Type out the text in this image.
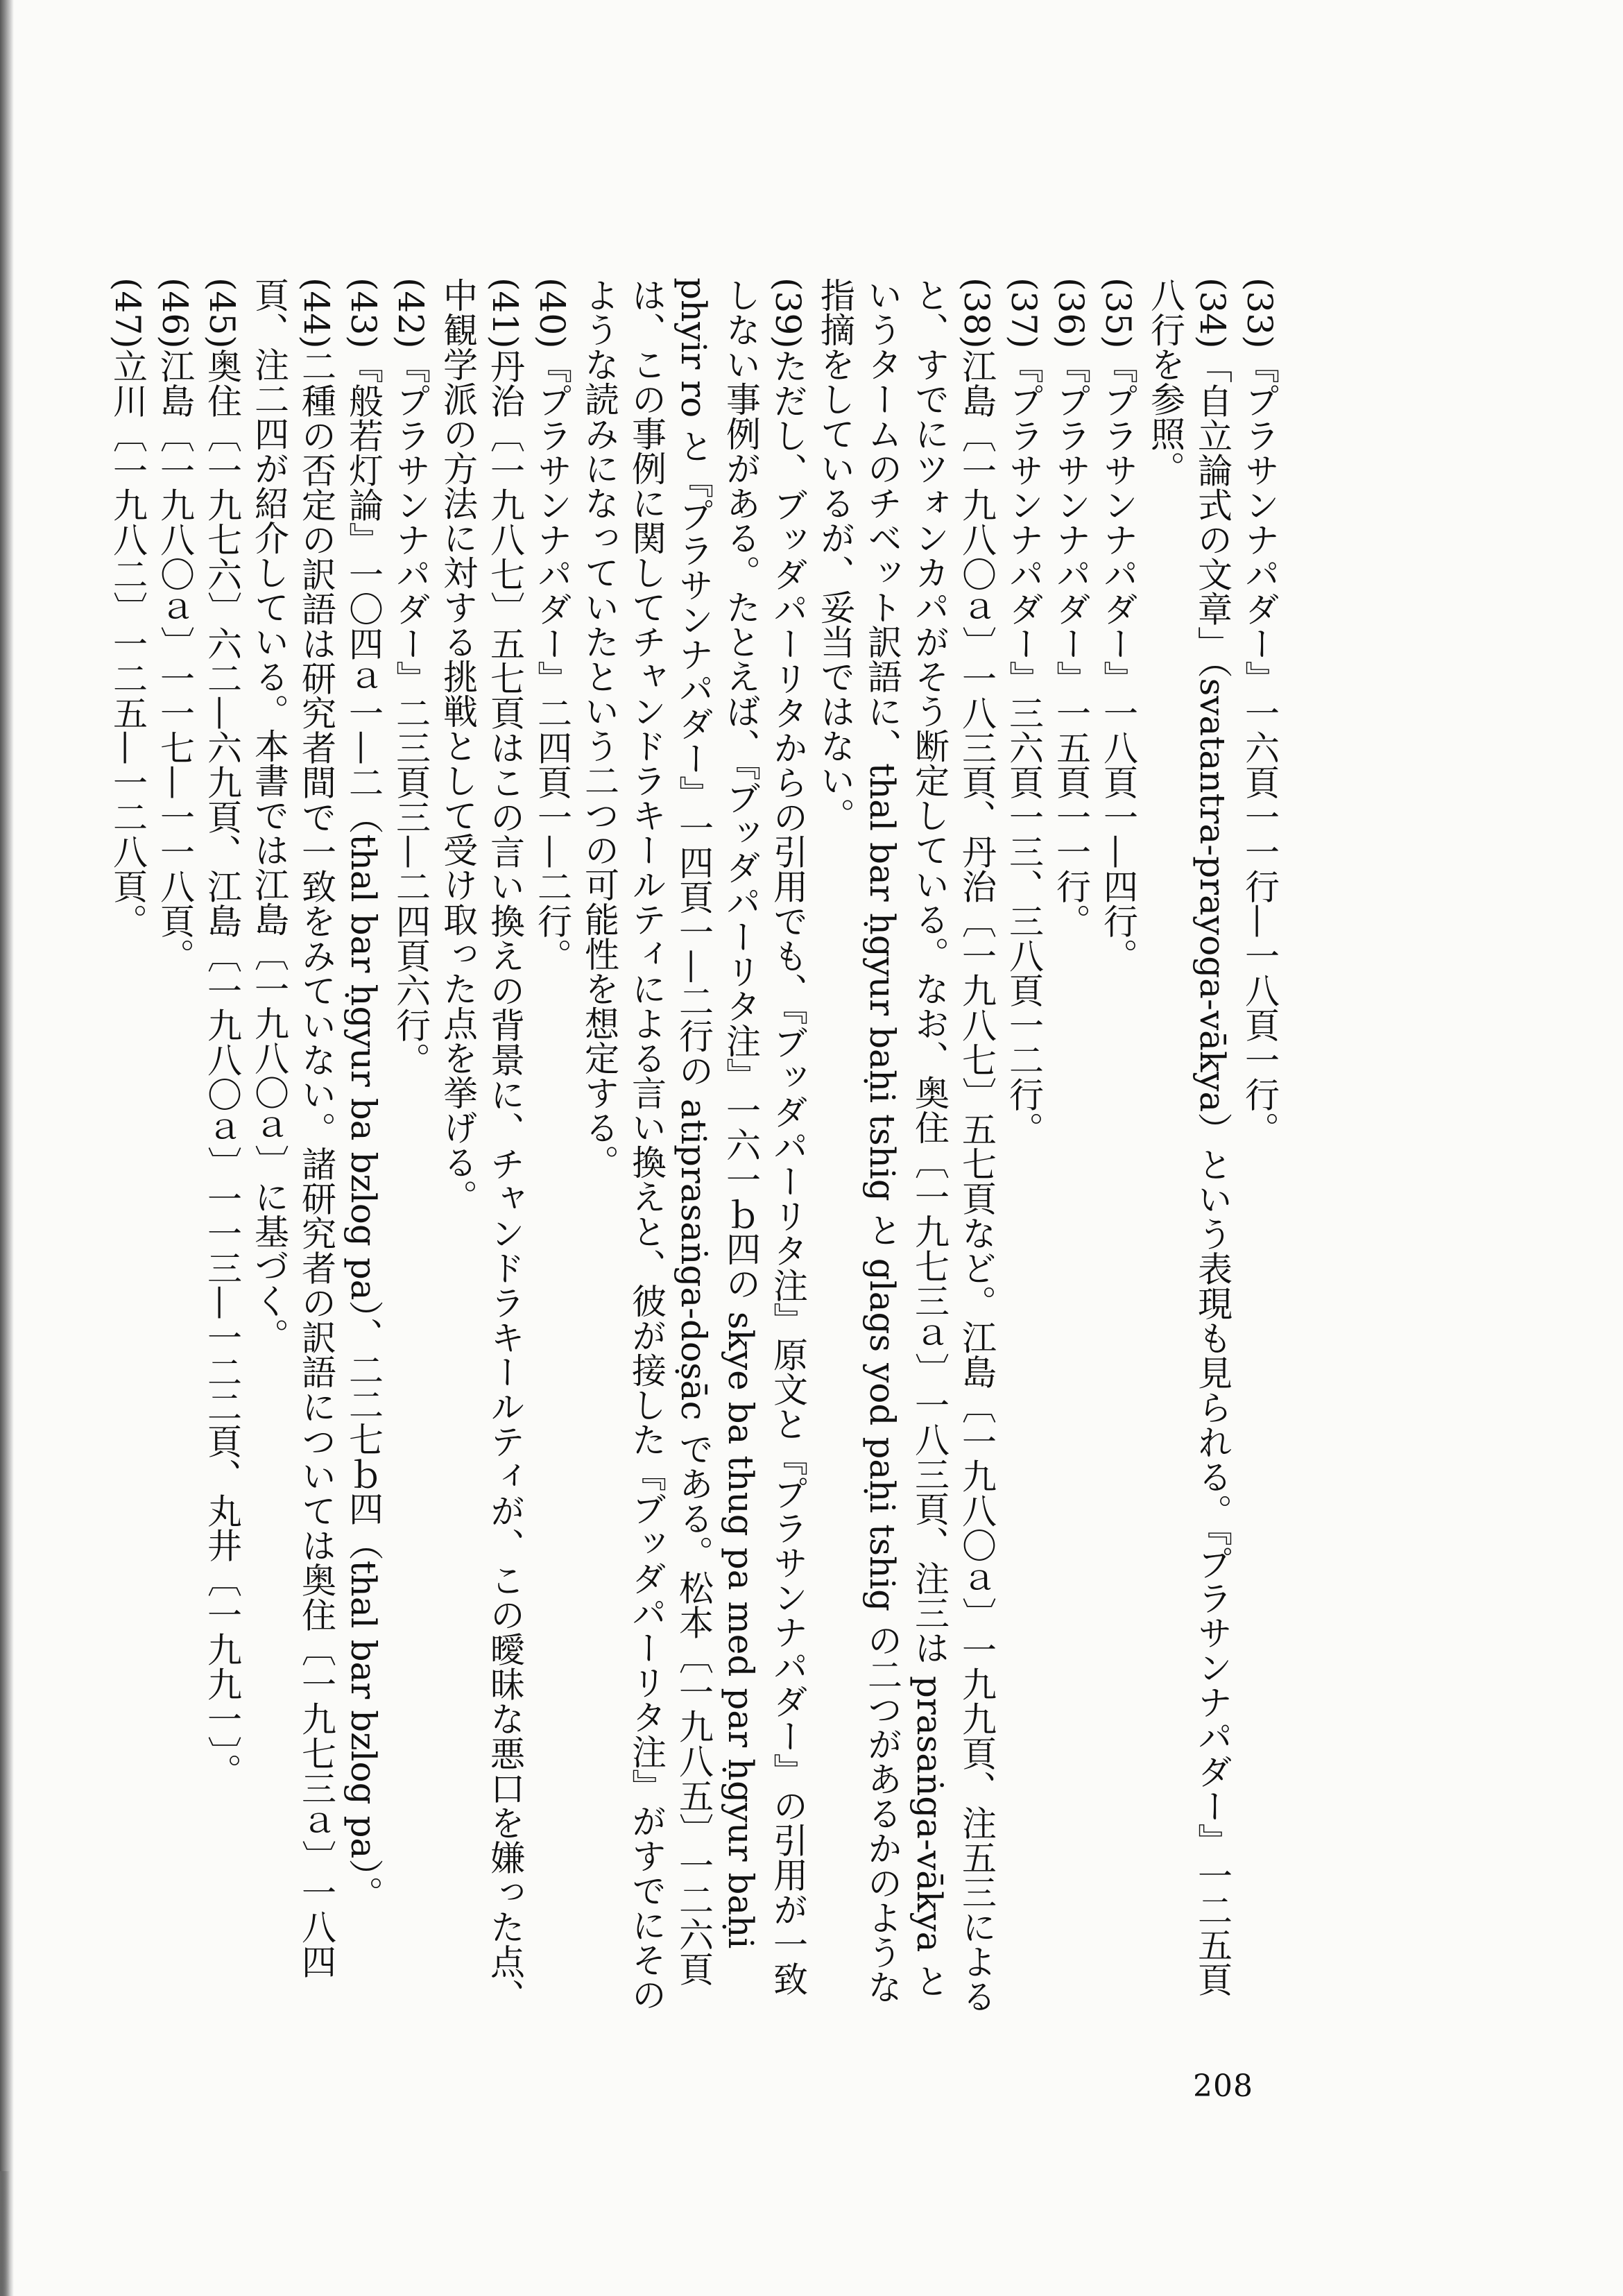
(33)『プラサンナパダー』一六頁一一行—一八頁一行。

(34)「自立論式の文章」（svatantra-prayoga-vākya）という表現も見られる。『プラサンナパダー』一二五頁八行を参照。

(35)『プラサンナパダー』一八頁一—四行。

(36)『プラサンナパダー』一五頁一一行。

(37)『プラサンナパダー』三六頁一三、三八頁一二行。

(38)江島〔一九八〇ａ〕一八三頁、丹治〔一九八七〕五七頁など。江島〔一九八〇ａ〕一九九頁、注五三によると、すでにツォンカパがそう断定している。なお、奥住〔一九七三ａ〕一八三頁、注三は prasaṅga-vākya というタームのチベット訳語に、thal bar ḥgyur baḥi tshig と glags yod paḥi tshig の二つがあるかのような指摘をしているが、妥当ではない。

(39)ただし、ブッダパーリタからの引用でも、『ブッダパーリタ注』原文と『プラサンナパダー』の引用が一致しない事例がある。たとえば、『ブッダパーリタ注』一六一ｂ四の skye ba thug pa med par ḥgyur baḥi phyir ro と『プラサンナパダー』一四頁一—二行の atiprasaṅga-doṣāc である。松本〔一九八五〕一二六頁は、この事例に関してチャンドラキールティによる言い換えと、彼が接した『ブッダパーリタ注』がすでにそのような読みになっていたという二つの可能性を想定する。

(40)『プラサンナパダー』二四頁一—二行。

(41)丹治〔一九八七〕五七頁はこの言い換えの背景に、チャンドラキールティが、この曖昧な悪口を嫌った点、中観学派の方法に対する挑戦として受け取った点を挙げる。

(42)『プラサンナパダー』二三頁三—二四頁六行。

(43)『般若灯論』一〇四ａ一—二（thal bar ḥgyur ba bzlog pa）、二二七ｂ四（thal bar bzlog pa）。

(44)二種の否定の訳語は研究者間で一致をみていない。諸研究者の訳語については奥住〔一九七三ａ〕一八四頁、注二四が紹介している。本書では江島〔一九八〇ａ〕に基づく。

(45)奥住〔一九七六〕六二—六九頁、江島〔一九八〇ａ〕一一三—一二二頁、丸井〔一九九一〕。

(46)江島〔一九八〇ａ〕一一七—一一八頁。

(47)立川〔一九八二〕一二五—一二八頁。

208
